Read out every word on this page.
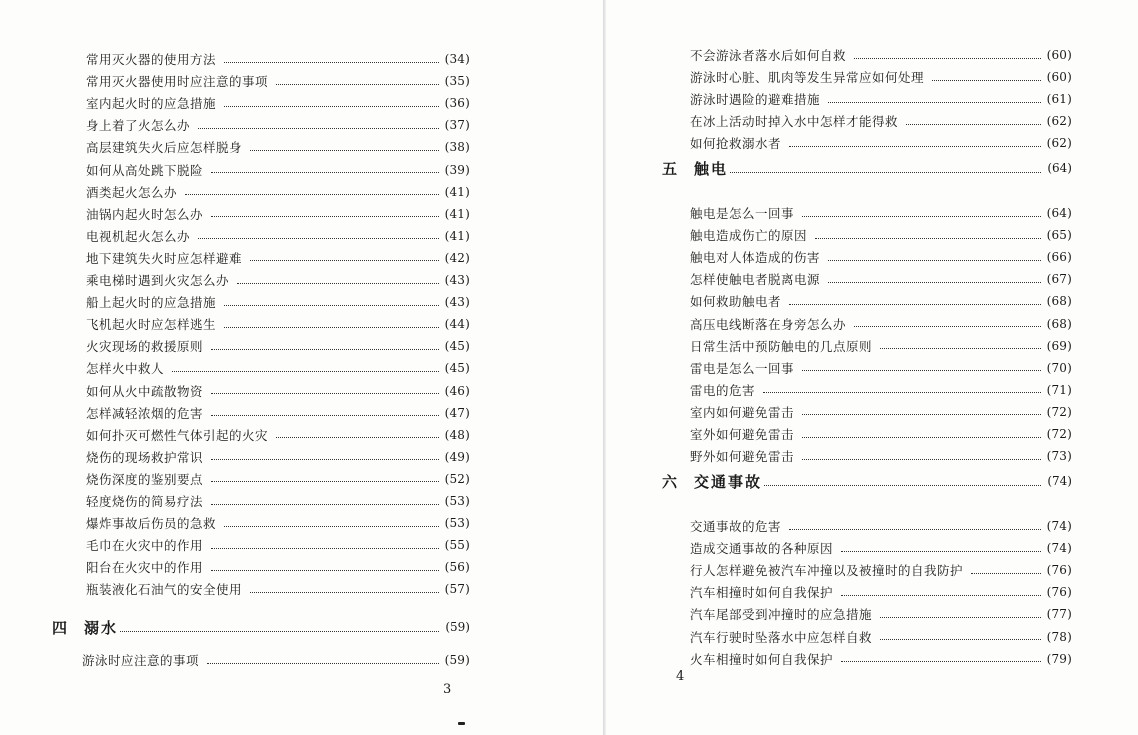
常用灭火器的使用方法	(34)
常用灭火器使用时应注意的事项	(35)
室内起火时的应急措施	(36)
身上着了火怎么办	(37)
高层建筑失火后应怎样脱身	(38)
如何从高处跳下脱险	(39)
酒类起火怎么办	(41)
油锅内起火时怎么办	(41)
电视机起火怎么办	(41)
地下建筑失火时应怎样避难	(42)
乘电梯时遇到火灾怎么办	(43)
船上起火时的应急措施	(43)
飞机起火时应怎样逃生	(44)
火灾现场的救援原则	(45)
怎样火中救人	(45)
如何从火中疏散物资	(46)
怎样减轻浓烟的危害	(47)
如何扑灭可燃性气体引起的火灾	(48)
烧伤的现场救护常识	(49)
烧伤深度的鉴别要点	(52)
轻度烧伤的简易疗法	(53)
爆炸事故后伤员的急救	(53)
毛巾在火灾中的作用	(55)
阳台在火灾中的作用	(56)
瓶装液化石油气的安全使用	(57)
四	溺水	(59)
游泳时应注意的事项	(59)
3
不会游泳者落水后如何自救	(60)
游泳时心脏、肌肉等发生异常应如何处理	(60)
游泳时遇险的避难措施	(61)
在冰上活动时掉入水中怎样才能得救	(62)
如何抢救溺水者	(62)
五	触电	(64)
触电是怎么一回事	(64)
触电造成伤亡的原因	(65)
触电对人体造成的伤害	(66)
怎样使触电者脱离电源	(67)
如何救助触电者	(68)
高压电线断落在身旁怎么办	(68)
日常生活中预防触电的几点原则	(69)
雷电是怎么一回事	(70)
雷电的危害	(71)
室内如何避免雷击	(72)
室外如何避免雷击	(72)
野外如何避免雷击	(73)
六	交通事故	(74)
交通事故的危害	(74)
造成交通事故的各种原因	(74)
行人怎样避免被汽车冲撞以及被撞时的自我防护	(76)
汽车相撞时如何自我保护	(76)
汽车尾部受到冲撞时的应急措施	(77)
汽车行驶时坠落水中应怎样自救	(78)
火车相撞时如何自我保护	(79)
4
